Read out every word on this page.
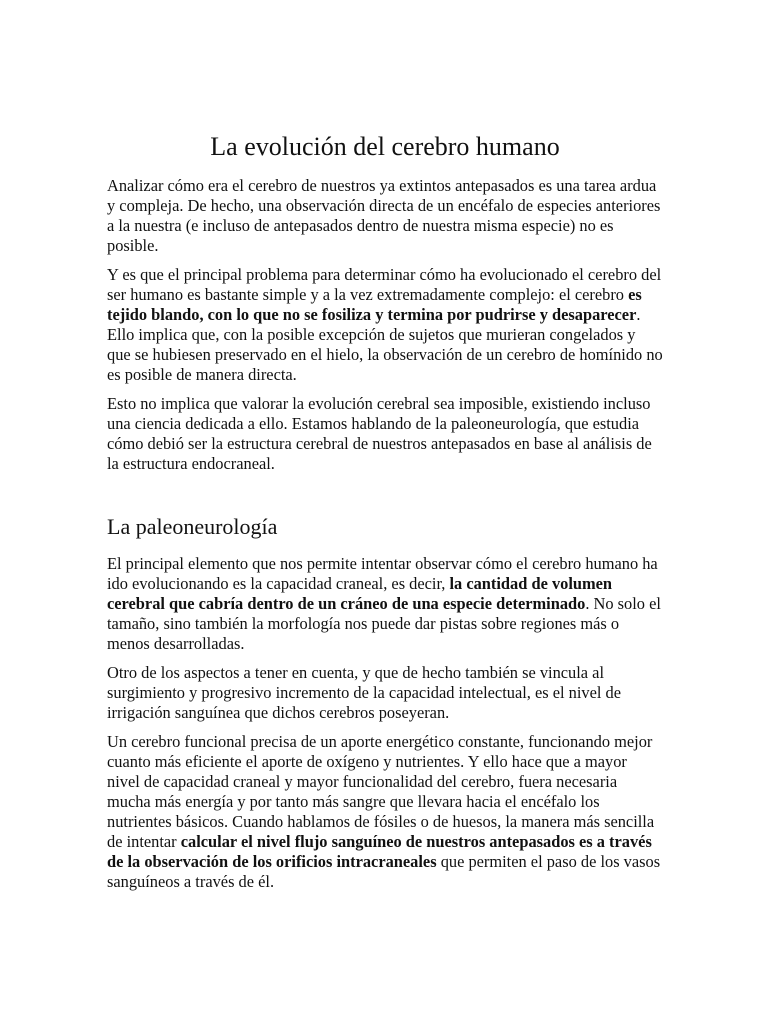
La evolución del cerebro humano

Analizar cómo era el cerebro de nuestros ya extintos antepasados es una tarea ardua y compleja. De hecho, una observación directa de un encéfalo de especies anteriores a la nuestra (e incluso de antepasados dentro de nuestra misma especie) no es posible.

Y es que el principal problema para determinar cómo ha evolucionado el cerebro del ser humano es bastante simple y a la vez extremadamente complejo: el cerebro es tejido blando, con lo que no se fosiliza y termina por pudrirse y desaparecer. Ello implica que, con la posible excepción de sujetos que murieran congelados y que se hubiesen preservado en el hielo, la observación de un cerebro de homínido no es posible de manera directa.

Esto no implica que valorar la evolución cerebral sea imposible, existiendo incluso una ciencia dedicada a ello. Estamos hablando de la paleoneurología, que estudia cómo debió ser la estructura cerebral de nuestros antepasados en base al análisis de la estructura endocraneal.

La paleoneurología

El principal elemento que nos permite intentar observar cómo el cerebro humano ha ido evolucionando es la capacidad craneal, es decir, la cantidad de volumen cerebral que cabría dentro de un cráneo de una especie determinado. No solo el tamaño, sino también la morfología nos puede dar pistas sobre regiones más o menos desarrolladas.

Otro de los aspectos a tener en cuenta, y que de hecho también se vincula al surgimiento y progresivo incremento de la capacidad intelectual, es el nivel de irrigación sanguínea que dichos cerebros poseyeran.

Un cerebro funcional precisa de un aporte energético constante, funcionando mejor cuanto más eficiente el aporte de oxígeno y nutrientes. Y ello hace que a mayor nivel de capacidad craneal y mayor funcionalidad del cerebro, fuera necesaria mucha más energía y por tanto más sangre que llevara hacia el encéfalo los nutrientes básicos. Cuando hablamos de fósiles o de huesos, la manera más sencilla de intentar calcular el nivel flujo sanguíneo de nuestros antepasados es a través de la observación de los orificios intracraneales que permiten el paso de los vasos sanguíneos a través de él.
